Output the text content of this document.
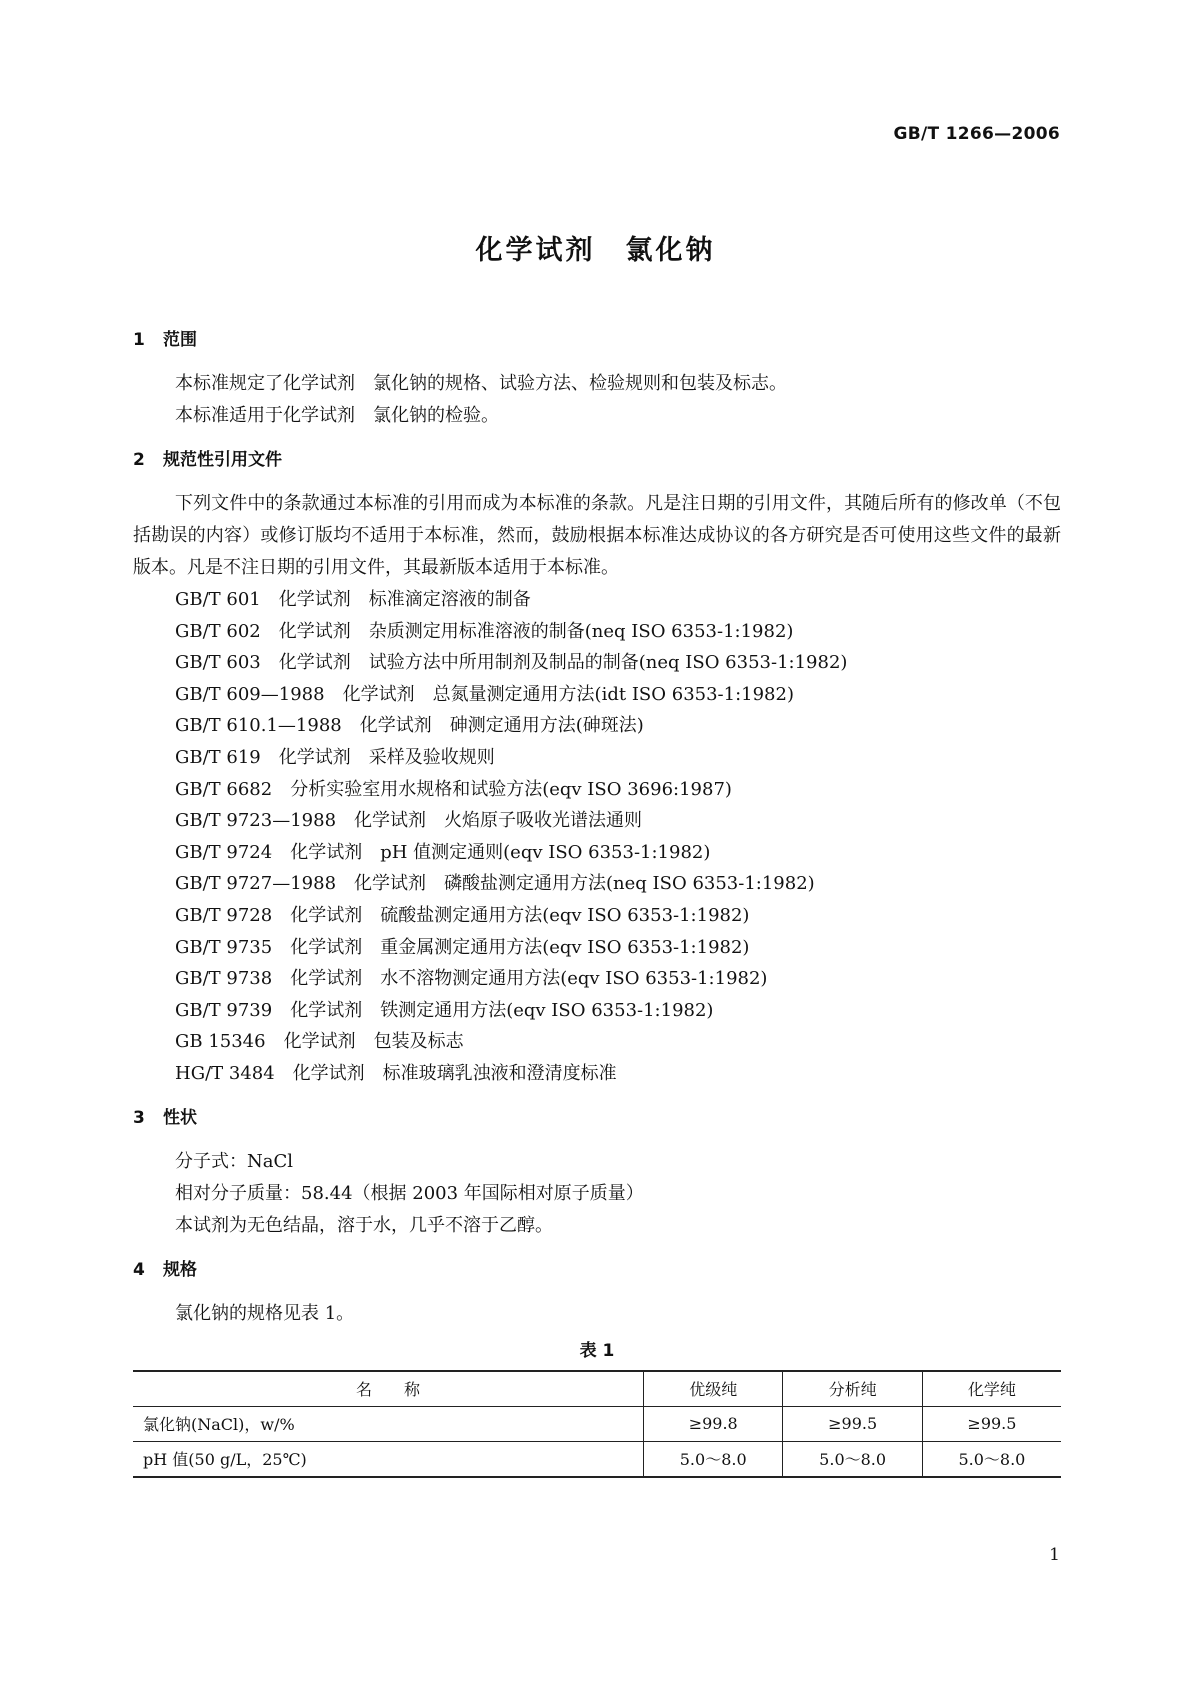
GB/T 1266—2006
化学试剂　氯化钠
1 范围

本标准规定了化学试剂　氯化钠的规格、试验方法、检验规则和包装及标志。

本标准适用于化学试剂　氯化钠的检验。

2 规范性引用文件

下列文件中的条款通过本标准的引用而成为本标准的条款。凡是注日期的引用文件，其随后所有的修改单（不包括勘误的内容）或修订版均不适用于本标准，然而，鼓励根据本标准达成协议的各方研究是否可使用这些文件的最新版本。凡是不注日期的引用文件，其最新版本适用于本标准。

GB/T 601　化学试剂　标准滴定溶液的制备
GB/T 602　化学试剂　杂质测定用标准溶液的制备(neq ISO 6353-1:1982)
GB/T 603　化学试剂　试验方法中所用制剂及制品的制备(neq ISO 6353-1:1982)
GB/T 609—1988　化学试剂　总氮量测定通用方法(idt ISO 6353-1:1982)
GB/T 610.1—1988　化学试剂　砷测定通用方法(砷斑法)
GB/T 619　化学试剂　采样及验收规则
GB/T 6682　分析实验室用水规格和试验方法(eqv ISO 3696:1987)
GB/T 9723—1988　化学试剂　火焰原子吸收光谱法通则
GB/T 9724　化学试剂　pH 值测定通则(eqv ISO 6353-1:1982)
GB/T 9727—1988　化学试剂　磷酸盐测定通用方法(neq ISO 6353-1:1982)
GB/T 9728　化学试剂　硫酸盐测定通用方法(eqv ISO 6353-1:1982)
GB/T 9735　化学试剂　重金属测定通用方法(eqv ISO 6353-1:1982)
GB/T 9738　化学试剂　水不溶物测定通用方法(eqv ISO 6353-1:1982)
GB/T 9739　化学试剂　铁测定通用方法(eqv ISO 6353-1:1982)
GB 15346　化学试剂　包装及标志
HG/T 3484　化学试剂　标准玻璃乳浊液和澄清度标准
3 性状

分子式：NaCl

相对分子质量：58.44（根据 2003 年国际相对原子质量）

本试剂为无色结晶，溶于水，几乎不溶于乙醇。

4 规格

氯化钠的规格见表 1。

表 1
名　　称	优级纯	分析纯	化学纯
氯化钠(NaCl)，w/%	≥99.8	≥99.5	≥99.5
pH 值(50 g/L，25℃)	5.0～8.0	5.0～8.0	5.0～8.0
1
